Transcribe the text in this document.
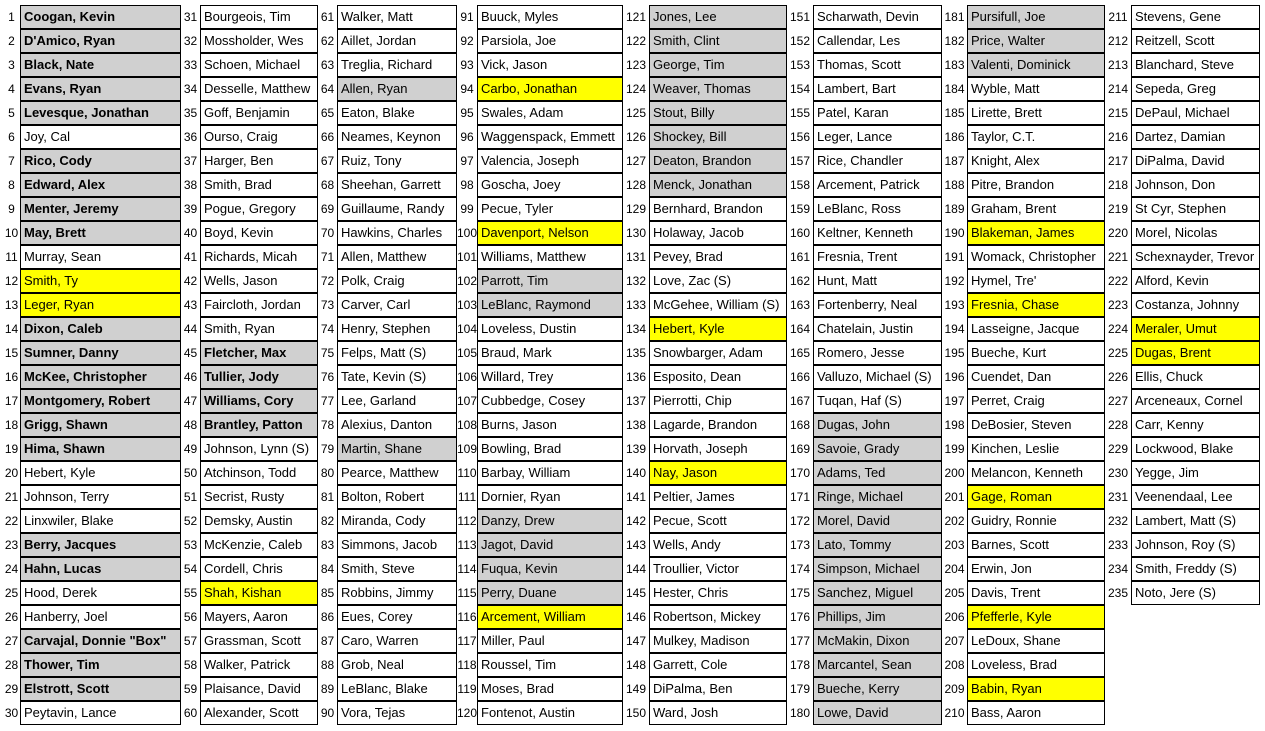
1 Coogan, Kevin
2 D'Amico, Ryan
3 Black, Nate
4 Evans, Ryan
5 Levesque, Jonathan
6 Joy, Cal
7 Rico, Cody
8 Edward, Alex
9 Menter, Jeremy
10 May, Brett
11 Murray, Sean
12 Smith, Ty
13 Leger, Ryan
14 Dixon, Caleb
15 Sumner, Danny
16 McKee, Christopher
17 Montgomery, Robert
18 Grigg, Shawn
19 Hima, Shawn
20 Hebert, Kyle
21 Johnson, Terry
22 Linxwiler, Blake
23 Berry, Jacques
24 Hahn, Lucas
25 Hood, Derek
26 Hanberry, Joel
27 Carvajal, Donnie "Box"
28 Thower, Tim
29 Elstrott, Scott
30 Peytavin, Lance
31 Bourgeois, Tim
32 Mossholder, Wes
33 Schoen, Michael
34 Desselle, Matthew
35 Goff, Benjamin
36 Ourso, Craig
37 Harger, Ben
38 Smith, Brad
39 Pogue, Gregory
40 Boyd, Kevin
41 Richards, Micah
42 Wells, Jason
43 Faircloth, Jordan
44 Smith, Ryan
45 Fletcher, Max
46 Tullier, Jody
47 Williams, Cory
48 Brantley, Patton
49 Johnson, Lynn (S)
50 Atchinson, Todd
51 Secrist, Rusty
52 Demsky, Austin
53 McKenzie, Caleb
54 Cordell, Chris
55 Shah, Kishan
56 Mayers, Aaron
57 Grassman, Scott
58 Walker, Patrick
59 Plaisance, David
60 Alexander, Scott
61 Walker, Matt
62 Aillet, Jordan
63 Treglia, Richard
64 Allen, Ryan
65 Eaton, Blake
66 Neames, Keynon
67 Ruiz, Tony
68 Sheehan, Garrett
69 Guillaume, Randy
70 Hawkins, Charles
71 Allen, Matthew
72 Polk, Craig
73 Carver, Carl
74 Henry, Stephen
75 Felps, Matt (S)
76 Tate, Kevin (S)
77 Lee, Garland
78 Alexius, Danton
79 Martin, Shane
80 Pearce, Matthew
81 Bolton, Robert
82 Miranda, Cody
83 Simmons, Jacob
84 Smith, Steve
85 Robbins, Jimmy
86 Eues, Corey
87 Caro, Warren
88 Grob, Neal
89 LeBlanc, Blake
90 Vora, Tejas
91 Buuck, Myles
92 Parsiola, Joe
93 Vick, Jason
94 Carbo, Jonathan
95 Swales, Adam
96 Waggenspack, Emmett
97 Valencia, Joseph
98 Goscha, Joey
99 Pecue, Tyler
100 Davenport, Nelson
101 Williams, Matthew
102 Parrott, Tim
103 LeBlanc, Raymond
104 Loveless, Dustin
105 Braud, Mark
106 Willard, Trey
107 Cubbedge, Cosey
108 Burns, Jason
109 Bowling, Brad
110 Barbay, William
111 Dornier, Ryan
112 Danzy, Drew
113 Jagot, David
114 Fuqua, Kevin
115 Perry, Duane
116 Arcement, William
117 Miller, Paul
118 Roussel, Tim
119 Moses, Brad
120 Fontenot, Austin
121 Jones, Lee
122 Smith, Clint
123 George, Tim
124 Weaver, Thomas
125 Stout, Billy
126 Shockey, Bill
127 Deaton, Brandon
128 Menck, Jonathan
129 Bernhard, Brandon
130 Holaway, Jacob
131 Pevey, Brad
132 Love, Zac (S)
133 McGehee, William (S)
134 Hebert, Kyle
135 Snowbarger, Adam
136 Esposito, Dean
137 Pierrotti, Chip
138 Lagarde, Brandon
139 Horvath, Joseph
140 Nay, Jason
141 Peltier, James
142 Pecue, Scott
143 Wells, Andy
144 Troullier, Victor
145 Hester, Chris
146 Robertson, Mickey
147 Mulkey, Madison
148 Garrett, Cole
149 DiPalma, Ben
150 Ward, Josh
151 Scharwath, Devin
152 Callendar, Les
153 Thomas, Scott
154 Lambert, Bart
155 Patel, Karan
156 Leger, Lance
157 Rice, Chandler
158 Arcement, Patrick
159 LeBlanc, Ross
160 Keltner, Kenneth
161 Fresnia, Trent
162 Hunt, Matt
163 Fortenberry, Neal
164 Chatelain, Justin
165 Romero, Jesse
166 Valluzo, Michael (S)
167 Tuqan, Haf (S)
168 Dugas, John
169 Savoie, Grady
170 Adams, Ted
171 Ringe, Michael
172 Morel, David
173 Lato, Tommy
174 Simpson, Michael
175 Sanchez, Miguel
176 Phillips, Jim
177 McMakin, Dixon
178 Marcantel, Sean
179 Bueche, Kerry
180 Lowe, David
181 Pursifull, Joe
182 Price, Walter
183 Valenti, Dominick
184 Wyble, Matt
185 Lirette, Brett
186 Taylor, C.T.
187 Knight, Alex
188 Pitre, Brandon
189 Graham, Brent
190 Blakeman, James
191 Womack, Christopher
192 Hymel, Tre'
193 Fresnia, Chase
194 Lasseigne, Jacque
195 Bueche, Kurt
196 Cuendet, Dan
197 Perret, Craig
198 DeBosier, Steven
199 Kinchen, Leslie
200 Melancon, Kenneth
201 Gage, Roman
202 Guidry, Ronnie
203 Barnes, Scott
204 Erwin, Jon
205 Davis, Trent
206 Pfefferle, Kyle
207 LeDoux, Shane
208 Loveless, Brad
209 Babin, Ryan
210 Bass, Aaron
211 Stevens, Gene
212 Reitzell, Scott
213 Blanchard, Steve
214 Sepeda, Greg
215 DePaul, Michael
216 Dartez, Damian
217 DiPalma, David
218 Johnson, Don
219 St Cyr, Stephen
220 Morel, Nicolas
221 Schexnayder, Trevor
222 Alford, Kevin
223 Costanza, Johnny
224 Meraler, Umut
225 Dugas, Brent
226 Ellis, Chuck
227 Arceneaux, Cornel
228 Carr, Kenny
229 Lockwood, Blake
230 Yegge, Jim
231 Veenendaal, Lee
232 Lambert, Matt (S)
233 Johnson, Roy (S)
234 Smith, Freddy (S)
235 Noto, Jere (S)
